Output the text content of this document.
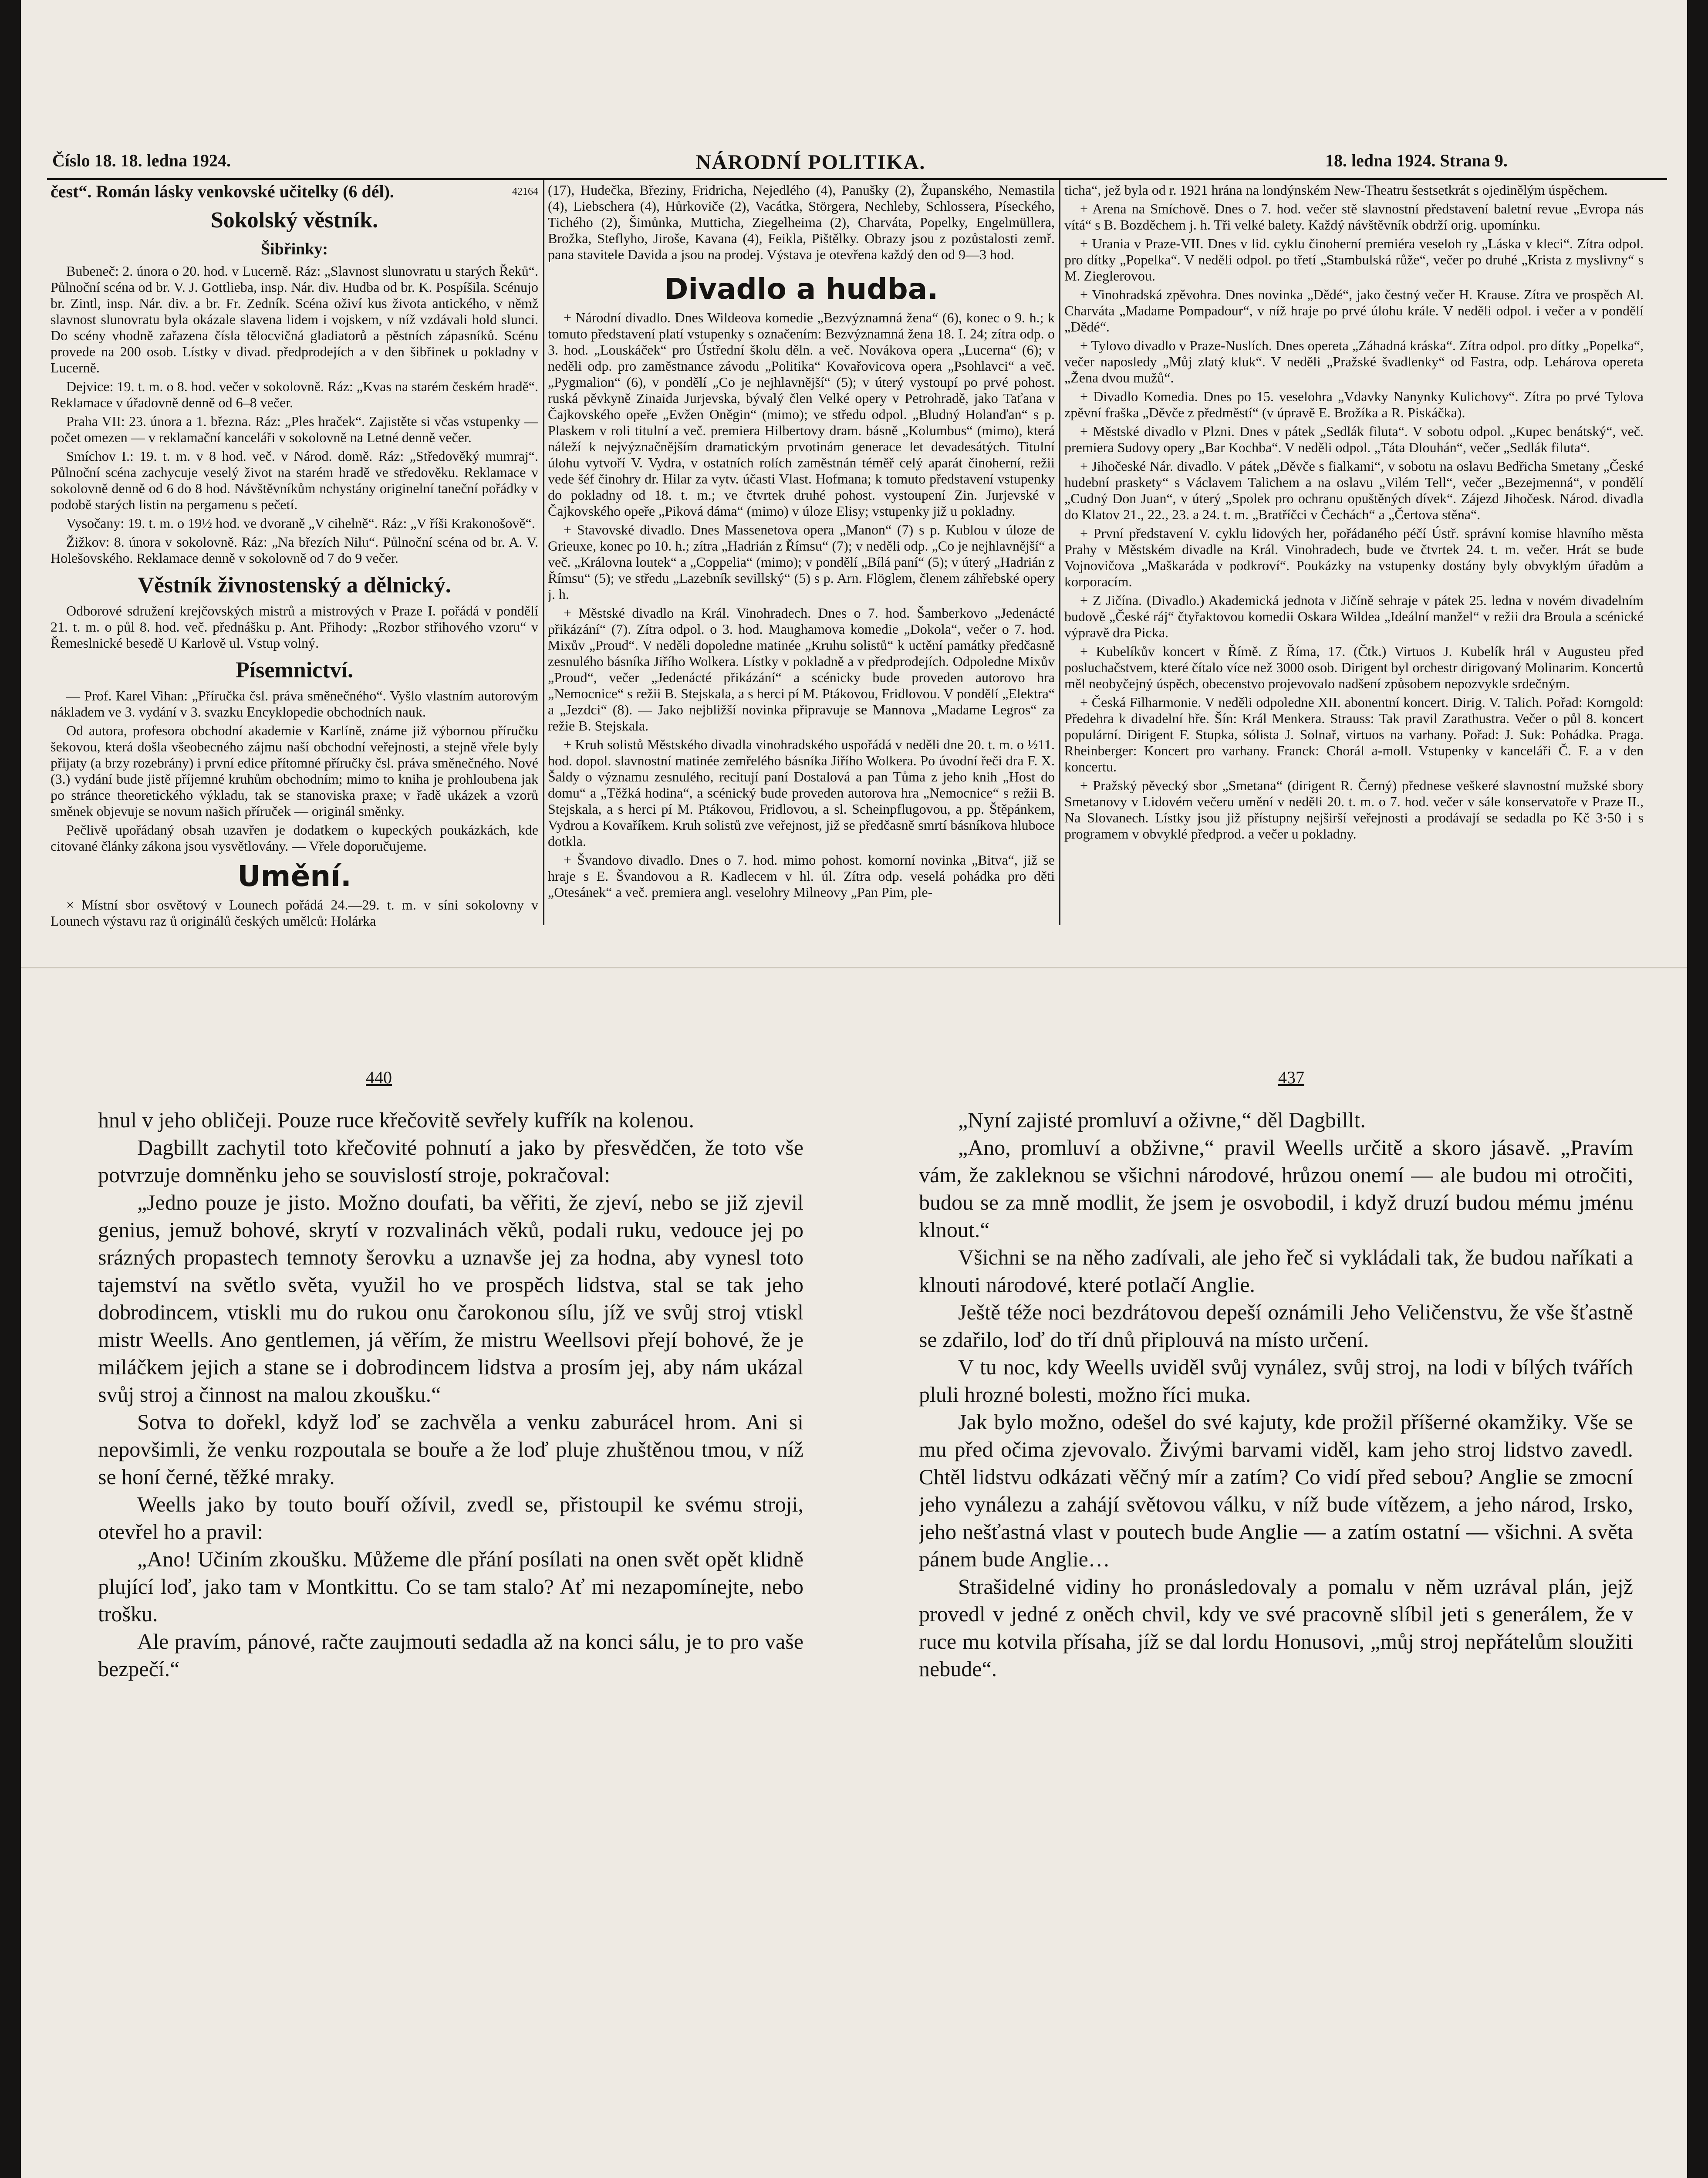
Číslo 18. 18. ledna 1924.	NÁRODNÍ POLITIKA.	18. ledna 1924. Strana 9.

čest“. Román lásky venkovské učitelky (6 dél).	42164

Sokolský věstník.
Šibřinky:

Bubeneč: 2. února o 20. hod. v Lucerně. Ráz: „Slavnost slunovratu u starých Řeků“. Půlnoční scéna od br. V. J. Gottlieba, insp. Nár. div. Hudba od br. K. Pospíšila. Scénujo br. Zintl, insp. Nár. div. a br. Fr. Zedník. Scéna oživí kus života antického, v němž slavnost slunovratu byla okázale slavena lidem i vojskem, v níž vzdávali hold slunci. Do scény vhodně zařazena čísla tělocvičná gladiatorů a pěstních zápasníků. Scénu provede na 200 osob. Lístky v divad. předprodejích a v den šibřinek u pokladny v Lucerně.

Dejvice: 19. t. m. o 8. hod. večer v sokolovně. Ráz: „Kvas na starém českém hradě“. Reklamace v úřadovně denně od 6–8 večer.

Praha VII: 23. února a 1. března. Ráz: „Ples hraček“. Zajistěte si včas vstupenky — počet omezen — v reklamační kanceláři v sokolovně na Letné denně večer.

Smíchov I.: 19. t. m. v 8 hod. več. v Národ. domě. Ráz: „Středověký mumraj“. Půlnoční scéna zachycuje veselý život na starém hradě ve středověku. Reklamace v sokolovně denně od 6 do 8 hod. Návštěvníkům nchystány originelní taneční pořádky v podobě starých listin na pergamenu s pečetí.

Vysočany: 19. t. m. o 19½ hod. ve dvoraně „V cihelně“. Ráz: „V říši Krakonošově“.

Žižkov: 8. února v sokolovně. Ráz: „Na březích Nilu“. Půlnoční scéna od br. A. V. Holešovského. Reklamace denně v sokolovně od 7 do 9 večer.

Věstník živnostenský a dělnický.

Odborové sdružení krejčovských mistrů a mistrových v Praze I. pořádá v pondělí 21. t. m. o půl 8. hod. več. přednášku p. Ant. Přihody: „Rozbor střihového vzoru“ v Řemeslnické besedě U Karlově ul. Vstup volný.

Písemnictví.

— Prof. Karel Vihan: „Příručka čsl. práva směnečného“. Vyšlo vlastním autorovým nákladem ve 3. vydání v 3. svazku Encyklopedie obchodních nauk.

Od autora, profesora obchodní akademie v Karlíně, známe již výbornou příručku šekovou, která došla všeobecného zájmu naší obchodní veřejnosti, a stejně vřele byly přijaty (a brzy rozebrány) i první edice přítomné příručky čsl. práva směnečného. Nové (3.) vydání bude jistě příjemné kruhům obchodním; mimo to kniha je prohloubena jak po stránce theoretického výkladu, tak se stanoviska praxe; v řadě ukázek a vzorů směnek objevuje se novum našich příruček — originál směnky.

Pečlivě upořádaný obsah uzavřen je dodatkem o kupeckých poukázkách, kde citované články zákona jsou vysvětlovány. — Vřele doporučujeme.

Umění.

× Místní sbor osvětový v Lounech pořádá 24.—29. t. m. v síni sokolovny v Lounech výstavu raz ů originálů českých umělců: Holárka

(17), Hudečka, Březiny, Fridricha, Nejedlého (4), Panušky (2), Županského, Nemastila (4), Liebschera (4), Hůrkoviče (2), Vacátka, Störgera, Nechleby, Schlossera, Píseckého, Tichého (2), Šimůnka, Mutticha, Ziegelheima (2), Charváta, Popelky, Engelmüllera, Brožka, Steflyho, Jiroše, Kavana (4), Feikla, Pištělky. Obrazy jsou z pozůstalosti zemř. pana stavitele Davida a jsou na prodej. Výstava je otevřena každý den od 9—3 hod.

Divadlo a hudba.

+ Národní divadlo. Dnes Wildeova komedie „Bezvýznamná žena“ (6), konec o 9. h.; k tomuto představení platí vstupenky s označením: Bezvýznamná žena 18. I. 24; zítra odp. o 3. hod. „Louskáček“ pro Ústřední školu děln. a več. Novákova opera „Lucerna“ (6); v neděli odp. pro zaměstnance závodu „Politika“ Kovařovicova opera „Psohlavci“ a več. „Pygmalion“ (6), v pondělí „Co je nejhlavnější“ (5); v úterý vystoupí po prvé pohost. ruská pěvkyně Zinaida Jurjevska, bývalý člen Velké opery v Petrohradě, jako Taťana v Čajkovského opeře „Evžen Oněgin“ (mimo); ve středu odpol. „Bludný Holanďan“ s p. Plaskem v roli titulní a več. premiera Hilbertovy dram. básně „Kolumbus“ (mimo), která náleží k nejvýznačnějším dramatickým prvotinám generace let devadesátých. Titulní úlohu vytvoří V. Vydra, v ostatních rolích zaměstnán téměř celý aparát činoherní, režii vede šéf činohry dr. Hilar za vytv. účasti Vlast. Hofmana; k tomuto představení vstupenky do pokladny od 18. t. m.; ve čtvrtek druhé pohost. vystoupení Zin. Jurjevské v Čajkovského opeře „Piková dáma“ (mimo) v úloze Elisy; vstupenky již u pokladny.

+ Stavovské divadlo. Dnes Massenetova opera „Manon“ (7) s p. Kublou v úloze de Grieuxe, konec po 10. h.; zítra „Hadrián z Římsu“ (7); v neděli odp. „Co je nejhlavnější“ a več. „Královna loutek“ a „Coppelia“ (mimo); v pondělí „Bílá paní“ (5); v úterý „Hadrián z Římsu“ (5); ve středu „Lazebník sevillský“ (5) s p. Arn. Flöglem, členem záhřebské opery j. h.

+ Městské divadlo na Král. Vinohradech. Dnes o 7. hod. Šamberkovo „Jedenácté přikázání“ (7). Zítra odpol. o 3. hod. Maughamova komedie „Dokola“, večer o 7. hod. Mixův „Proud“. V neděli dopoledne matinée „Kruhu solistů“ k uctění památky předčasně zesnulého básníka Jiřího Wolkera. Lístky v pokladně a v předprodejích. Odpoledne Mixův „Proud“, večer „Jedenácté přikázání“ a scénicky bude proveden autorovo hra „Nemocnice“ s režii B. Stejskala, a s herci pí M. Ptákovou, Fridlovou. V pondělí „Elektra“ a „Jezdci“ (8). — Jako nejbližší novinka připravuje se Mannova „Madame Legros“ za režie B. Stejskala.

+ Kruh solistů Městského divadla vinohradského uspořádá v neděli dne 20. t. m. o ½11. hod. dopol. slavnostní matinée zemřelého básníka Jiřího Wolkera. Po úvodní řeči dra F. X. Šaldy o významu zesnulého, recitují paní Dostalová a pan Tůma z jeho knih „Host do domu“ a „Těžká hodina“, a scénický bude proveden autorova hra „Nemocnice“ s režii B. Stejskala, a s herci pí M. Ptákovou, Fridlovou, a sl. Scheinpflugovou, a pp. Štěpánkem, Vydrou a Kovaříkem. Kruh solistů zve veřejnost, již se předčasně smrtí básníkova hluboce dotkla.

+ Švandovo divadlo. Dnes o 7. hod. mimo pohost. komorní novinka „Bitva“, již se hraje s E. Švandovou a R. Kadlecem v hl. úl. Zítra odp. veselá pohádka pro děti „Otesánek“ a več. premiera angl. veselohry Milneovy „Pan Pim, ple-

ticha“, jež byla od r. 1921 hrána na londýnském New-Theatru šestsetkrát s ojedinělým úspěchem.

+ Arena na Smíchově. Dnes o 7. hod. večer stě slavnostní představení baletní revue „Evropa nás vítá“ s B. Bozděchem j. h. Tři velké balety. Každý návštěvník obdrží orig. upomínku.

+ Urania v Praze-VII. Dnes v lid. cyklu činoherní premiéra veseloh ry „Láska v kleci“. Zítra odpol. pro dítky „Popelka“. V neděli odpol. po třetí „Stambulská růže“, večer po druhé „Krista z myslivny“ s M. Zieglerovou.

+ Vinohradská zpěvohra. Dnes novinka „Dědé“, jako čestný večer H. Krause. Zítra ve prospěch Al. Charváta „Madame Pompadour“, v níž hraje po prvé úlohu krále. V neděli odpol. i večer a v pondělí „Dědé“.

+ Tylovo divadlo v Praze-Nuslích. Dnes opereta „Záhadná kráska“. Zítra odpol. pro dítky „Popelka“, večer naposledy „Můj zlatý kluk“. V neděli „Pražské švadlenky“ od Fastra, odp. Lehárova opereta „Žena dvou mužů“.

+ Divadlo Komedia. Dnes po 15. veselohra „Vdavky Nanynky Kulichovy“. Zítra po prvé Tylova zpěvní fraška „Děvče z předměstí“ (v úpravě E. Brožíka a R. Piskáčka).

+ Městské divadlo v Plzni. Dnes v pátek „Sedlák filuta“. V sobotu odpol. „Kupec benátský“, več. premiera Sudovy opery „Bar Kochba“. V neděli odpol. „Táta Dlouhán“, večer „Sedlák filuta“.

+ Jihočeské Nár. divadlo. V pátek „Děvče s fialkami“, v sobotu na oslavu Bedřicha Smetany „České hudební praskety“ s Václavem Talichem a na oslavu „Vilém Tell“, večer „Bezejmenná“, v pondělí „Cudný Don Juan“, v úterý „Spolek pro ochranu opuštěných dívek“. Zájezd Jihočesk. Národ. divadla do Klatov 21., 22., 23. a 24. t. m. „Bratříčci v Čechách“ a „Čertova stěna“.

+ První představení V. cyklu lidových her, pořádaného péčí Ústř. správní komise hlavního města Prahy v Městském divadle na Král. Vinohradech, bude ve čtvrtek 24. t. m. večer. Hrát se bude Vojnovičova „Maškaráda v podkroví“. Poukázky na vstupenky dostány byly obvyklým úřadům a korporacím.

+ Z Jičína. (Divadlo.) Akademická jednota v Jičíně sehraje v pátek 25. ledna v novém divadelním budově „České ráj“ čtyřaktovou komedii Oskara Wildea „Ideální manžel“ v režii dra Broula a scénické výpravě dra Picka.

+ Kubelíkův koncert v Římě. Z Říma, 17. (Čtk.) Virtuos J. Kubelík hrál v Augusteu před posluchačstvem, které čítalo více než 3000 osob. Dirigent byl orchestr dirigovaný Molinarim. Koncertů měl neobyčejný úspěch, obecenstvo projevovalo nadšení způsobem nepozvykle srdečným.

+ Česká Filharmonie. V neděli odpoledne XII. abonentní koncert. Dirig. V. Talich. Pořad: Korngold: Předehra k divadelní hře. Šín: Král Menkera. Strauss: Tak pravil Zarathustra. Večer o půl 8. koncert populární. Dirigent F. Stupka, sólista J. Solnař, virtuos na varhany. Pořad: J. Suk: Pohádka. Praga. Rheinberger: Koncert pro varhany. Franck: Chorál a-moll. Vstupenky v kanceláři Č. F. a v den koncertu.

+ Pražský pěvecký sbor „Smetana“ (dirigent R. Černý) přednese veškeré slavnostní mužské sbory Smetanovy v Lidovém večeru umění v neděli 20. t. m. o 7. hod. večer v sále konservatoře v Praze II., Na Slovanech. Lístky jsou již přístupny nejširší veřejnosti a prodávají se sedadla po Kč 3·50 i s programem v obvyklé předprod. a večer u pokladny.

440	437

hnul v jeho obličeji. Pouze ruce křečovitě sevřely kufřík na kolenou.

Dagbillt zachytil toto křečovité pohnutí a jako by přesvědčen, že toto vše potvrzuje domněnku jeho se souvislostí stroje, pokračoval:

„Jedno pouze je jisto. Možno doufati, ba věřiti, že zjeví, nebo se již zjevil genius, jemuž bohové, skrytí v rozvalinách věků, podali ruku, vedouce jej po srázných propastech temnoty šerovku a uznavše jej za hodna, aby vynesl toto tajemství na světlo světa, využil ho ve prospěch lidstva, stal se tak jeho dobrodincem, vtiskli mu do rukou onu čarokonou sílu, jíž ve svůj stroj vtiskl mistr Weells. Ano gentlemen, já věřím, že mistru Weellsovi přejí bohové, že je miláčkem jejich a stane se i dobrodincem lidstva a prosím jej, aby nám ukázal svůj stroj a činnost na malou zkoušku.“

Sotva to dořekl, když loď se zachvěla a venku zaburácel hrom. Ani si nepovšimli, že venku rozpoutala se bouře a že loď pluje zhuštěnou tmou, v níž se honí černé, těžké mraky.

Weells jako by touto bouří ožívil, zvedl se, přistoupil ke svému stroji, otevřel ho a pravil:

„Ano! Učiním zkoušku. Můžeme dle přání posílati na onen svět opět klidně plující loď, jako tam v Montkittu. Co se tam stalo? Ať mi nezapomínejte, nebo trošku.

Ale pravím, pánové, račte zaujmouti sedadla až na konci sálu, je to pro vaše bezpečí.“

„Nyní zajisté promluví a oživne,“ děl Dagbillt.

„Ano, promluví a obživne,“ pravil Weells určitě a skoro jásavě. „Pravím vám, že zakleknou se všichni národové, hrůzou onemí — ale budou mi otročiti, budou se za mně modlit, že jsem je osvobodil, i když druzí budou mému jménu klnout.“

Všichni se na něho zadívali, ale jeho řeč si vykládali tak, že budou naříkati a klnouti národové, které potlačí Anglie.

Ještě téže noci bezdrátovou depeší oznámili Jeho Veličenstvu, že vše šťastně se zdařilo, loď do tří dnů připlouvá na místo určení.

V tu noc, kdy Weells uviděl svůj vynález, svůj stroj, na lodi v bílých tvářích pluli hrozné bolesti, možno říci muka.

Jak bylo možno, odešel do své kajuty, kde prožil příšerné okamžiky. Vše se mu před očima zjevovalo. Živými barvami viděl, kam jeho stroj lidstvo zavedl. Chtěl lidstvu odkázati věčný mír a zatím? Co vidí před sebou? Anglie se zmocní jeho vynálezu a zahájí světovou válku, v níž bude vítězem, a jeho národ, Irsko, jeho nešťastná vlast v poutech bude Anglie — a zatím ostatní — všichni. A světa pánem bude Anglie…

Strašidelné vidiny ho pronásledovaly a pomalu v něm uzrával plán, jejž provedl v jedné z oněch chvil, kdy ve své pracovně slíbil jeti s generálem, že v ruce mu kotvila přísaha, jíž se dal lordu Honusovi, „můj stroj nepřátelům sloužiti nebude“.
